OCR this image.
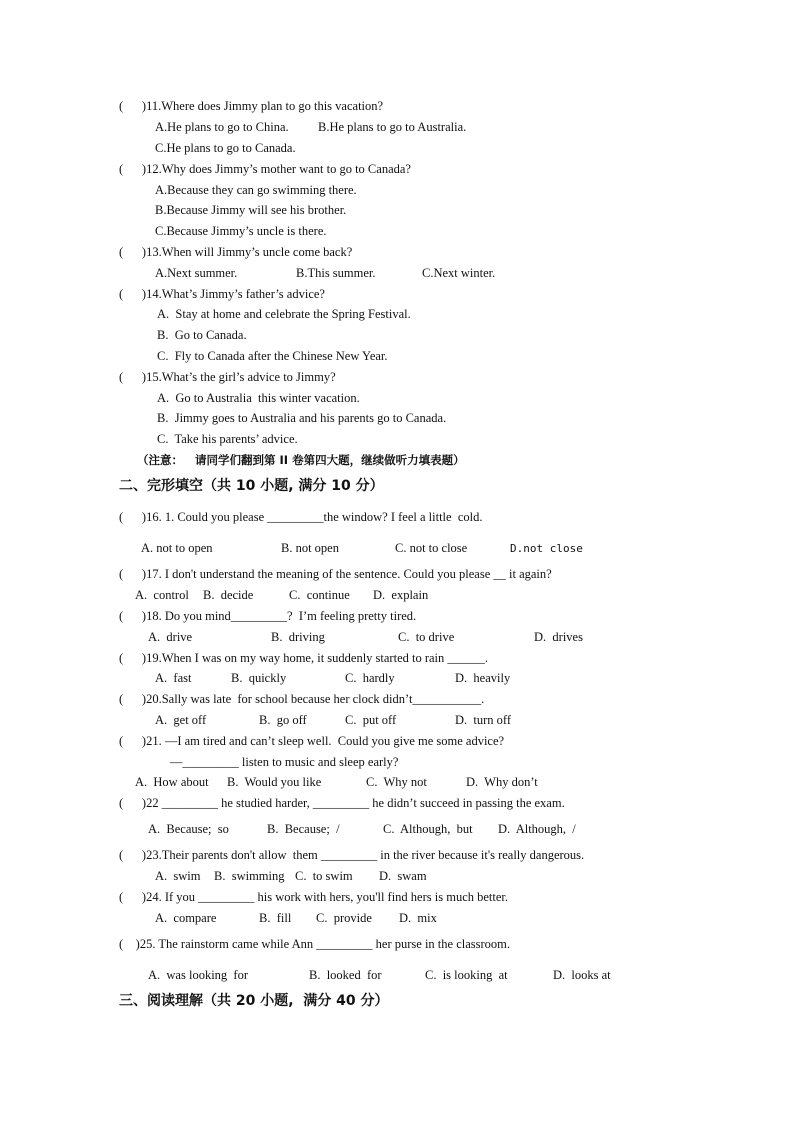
(      )11.Where does Jimmy plan to go this vacation?
A.He plans to go to China. B.He plans to go to Australia.
C.He plans to go to Canada.
(      )12.Why does Jimmy’s mother want to go to Canada?
A.Because they can go swimming there.
B.Because Jimmy will see his brother.
C.Because Jimmy’s uncle is there.
(      )13.When will Jimmy’s uncle come back?
A.Next summer.	B.This summer.	C.Next winter.
(      )14.What’s Jimmy’s father’s advice?
A.  Stay at home and celebrate the Spring Festival.
B.  Go to Canada.
C.  Fly to Canada after the Chinese New Year.
(      )15.What’s the girl’s advice to Jimmy?
A.  Go to Australia  this winter vacation.
B.  Jimmy goes to Australia and his parents go to Canada.
C.  Take his parents’ advice.
（注意：   请同学们翻到第 II 卷第四大题，继续做听力填表题）
二、完形填空（共 10 小题, 满分 10 分）
(      )16. 1. Could you please _________the window? I feel a little  cold.
A. not to open	B. not open	C. not to close	D.not close
(      )17. I don't understand the meaning of the sentence. Could you please __ it again?
A.  control B.  decide	C.  continue D.  explain
(      )18. Do you mind_________?  I’m feeling pretty tired.
A.  drive	B.  driving	C.  to drive	D.  drives
(      )19.When I was on my way home, it suddenly started to rain ______.
A.  fast	B.  quickly	C.  hardly	D.  heavily
(      )20.Sally was late  for school because her clock didn’t___________.
A.  get off	B.  go off	C.  put off	D.  turn off
(      )21. —I am tired and can’t sleep well.  Could you give me some advice?
—_________ listen to music and sleep early?
A.  How about B.  Would you like	C.  Why not	D.  Why don’t
(      )22 _________ he studied harder, _________ he didn’t succeed in passing the exam.
A.  Because;  so	B.  Because;  /	C.  Although,  but D.  Although,  /
(      )23.Their parents don't allow  them _________ in the river because it's really dangerous.
A.  swim B.  swimming C.  to swim D.  swam
(      )24. If you _________ his work with hers, you'll find hers is much better.
A.  compare	B.  fill C.  provide D.  mix
(    )25. The rainstorm came while Ann _________ her purse in the classroom.
A.  was looking  for	B.  looked  for	C.  is looking  at	D.  looks at
三、阅读理解（共 20 小题,  满分 40 分）
